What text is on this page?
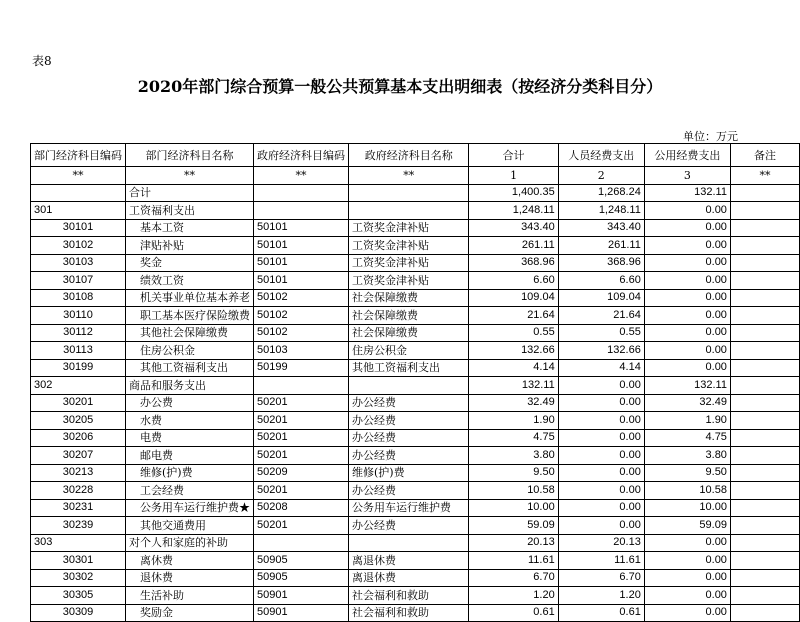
表8
2020年部门综合预算一般公共预算基本支出明细表（按经济分类科目分）
单位：万元
部门经济科目编码	部门经济科目名称	政府经济科目编码	政府经济科目名称	合计	人员经费支出	公用经费支出	备注
**	**	**	**	1	2	3	**
	合计			1,400.35	1,268.24	132.11	
301	工资福利支出			1,248.11	1,248.11	0.00	
30101	基本工资	50101	工资奖金津补贴	343.40	343.40	0.00	
30102	津贴补贴	50101	工资奖金津补贴	261.11	261.11	0.00	
30103	奖金	50101	工资奖金津补贴	368.96	368.96	0.00	
30107	绩效工资	50101	工资奖金津补贴	6.60	6.60	0.00	
30108	机关事业单位基本养老	50102	社会保障缴费	109.04	109.04	0.00	
30110	职工基本医疗保险缴费	50102	社会保障缴费	21.64	21.64	0.00	
30112	其他社会保障缴费	50102	社会保障缴费	0.55	0.55	0.00	
30113	住房公积金	50103	住房公积金	132.66	132.66	0.00	
30199	其他工资福利支出	50199	其他工资福利支出	4.14	4.14	0.00	
302	商品和服务支出			132.11	0.00	132.11	
30201	办公费	50201	办公经费	32.49	0.00	32.49	
30205	水费	50201	办公经费	1.90	0.00	1.90	
30206	电费	50201	办公经费	4.75	0.00	4.75	
30207	邮电费	50201	办公经费	3.80	0.00	3.80	
30213	维修(护)费	50209	维修(护)费	9.50	0.00	9.50	
30228	工会经费	50201	办公经费	10.58	0.00	10.58	
30231	公务用车运行维护费★	50208	公务用车运行维护费	10.00	0.00	10.00	
30239	其他交通费用	50201	办公经费	59.09	0.00	59.09	
303	对个人和家庭的补助			20.13	20.13	0.00	
30301	离休费	50905	离退休费	11.61	11.61	0.00	
30302	退休费	50905	离退休费	6.70	6.70	0.00	
30305	生活补助	50901	社会福利和救助	1.20	1.20	0.00	
30309	奖励金	50901	社会福利和救助	0.61	0.61	0.00	
